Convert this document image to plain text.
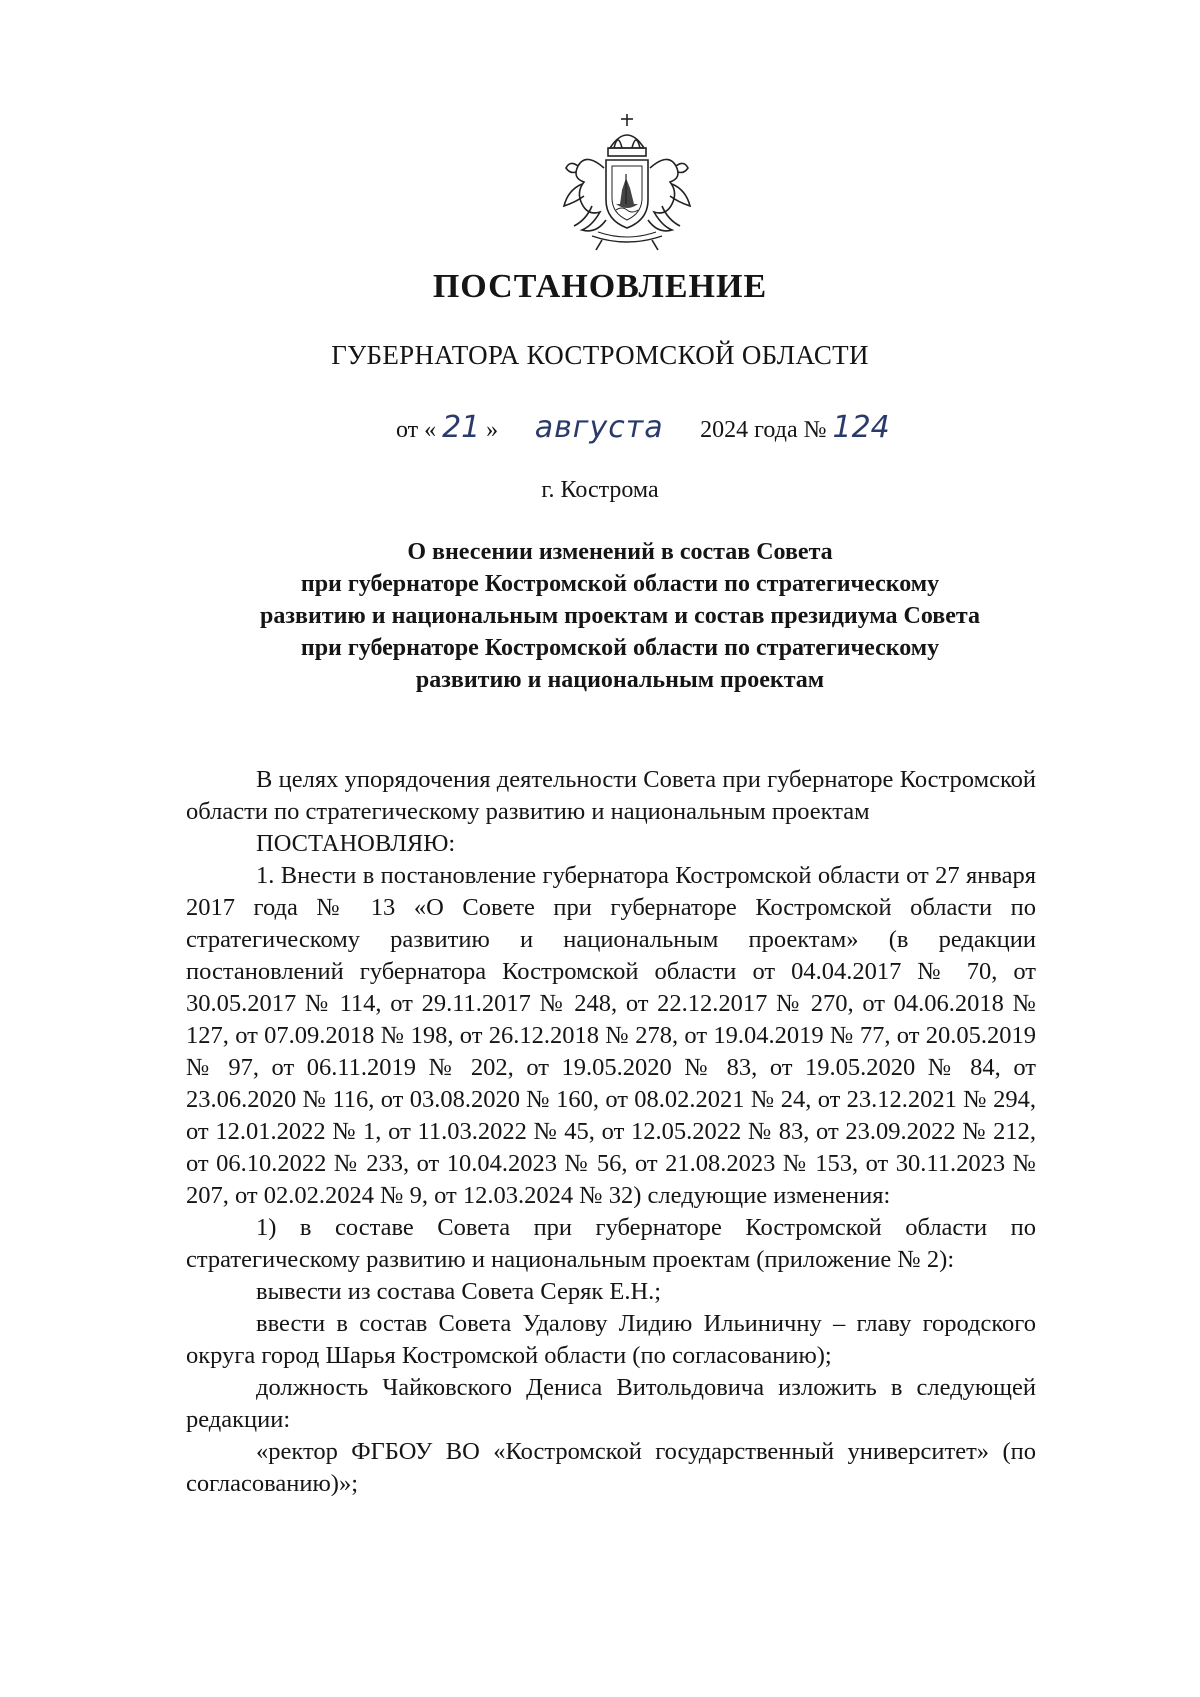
ПОСТАНОВЛЕНИЕ
ГУБЕРНАТОРА КОСТРОМСКОЙ ОБЛАСТИ
от « 21 » августа 2024 года № 124
г. Кострома
О внесении изменений в состав Совета
при губернаторе Костромской области по стратегическому
развитию и национальным проектам и состав президиума Совета
при губернаторе Костромской области по стратегическому
развитию и национальным проектам

В целях упорядочения деятельности Совета при губернаторе Костромской области по стратегическому развитию и национальным проектам

ПОСТАНОВЛЯЮ:

1. Внести в постановление губернатора Костромской области от 27 января 2017 года № 13 «О Совете при губернаторе Костромской области по стратегическому развитию и национальным проектам» (в редакции постановлений губернатора Костромской области от 04.04.2017 № 70, от 30.05.2017 № 114, от 29.11.2017 № 248, от 22.12.2017 № 270, от 04.06.2018 № 127, от 07.09.2018 № 198, от 26.12.2018 № 278, от 19.04.2019 № 77, от 20.05.2019 № 97, от 06.11.2019 № 202, от 19.05.2020 № 83, от 19.05.2020 № 84, от 23.06.2020 № 116, от 03.08.2020 № 160, от 08.02.2021 № 24, от 23.12.2021 № 294, от 12.01.2022 № 1, от 11.03.2022 № 45, от 12.05.2022 № 83, от 23.09.2022 № 212, от 06.10.2022 № 233, от 10.04.2023 № 56, от 21.08.2023 № 153, от 30.11.2023 № 207, от 02.02.2024 № 9, от 12.03.2024 № 32) следующие изменения:

1) в составе Совета при губернаторе Костромской области по стратегическому развитию и национальным проектам (приложение № 2):

вывести из состава Совета Серяк Е.Н.;

ввести в состав Совета Удалову Лидию Ильиничну – главу городского округа город Шарья Костромской области (по согласованию);

должность Чайковского Дениса Витольдовича изложить в следующей редакции:

«ректор ФГБОУ ВО «Костромской государственный университет» (по согласованию)»;
